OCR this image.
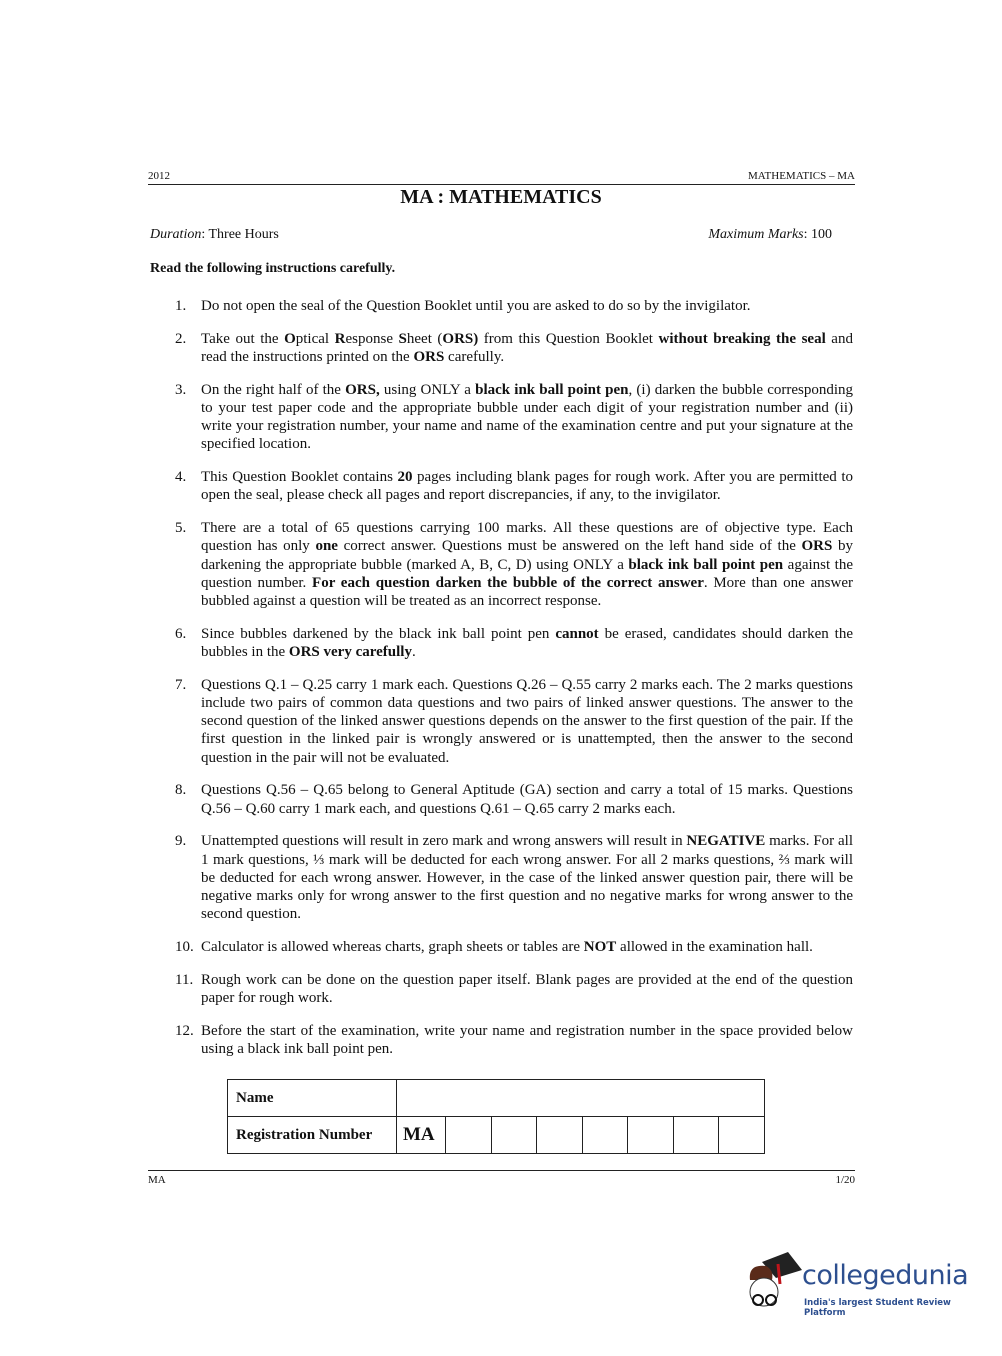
2012	MATHEMATICS – MA
MA : MATHEMATICS
Duration: Three Hours	Maximum Marks: 100
Read the following instructions carefully.
1. Do not open the seal of the Question Booklet until you are asked to do so by the invigilator.
2. Take out the Optical Response Sheet (ORS) from this Question Booklet without breaking the seal and read the instructions printed on the ORS carefully.
3. On the right half of the ORS, using ONLY a black ink ball point pen, (i) darken the bubble corresponding to your test paper code and the appropriate bubble under each digit of your registration number and (ii) write your registration number, your name and name of the examination centre and put your signature at the specified location.
4. This Question Booklet contains 20 pages including blank pages for rough work. After you are permitted to open the seal, please check all pages and report discrepancies, if any, to the invigilator.
5. There are a total of 65 questions carrying 100 marks. All these questions are of objective type. Each question has only one correct answer. Questions must be answered on the left hand side of the ORS by darkening the appropriate bubble (marked A, B, C, D) using ONLY a black ink ball point pen against the question number. For each question darken the bubble of the correct answer. More than one answer bubbled against a question will be treated as an incorrect response.
6. Since bubbles darkened by the black ink ball point pen cannot be erased, candidates should darken the bubbles in the ORS very carefully.
7. Questions Q.1 – Q.25 carry 1 mark each. Questions Q.26 – Q.55 carry 2 marks each. The 2 marks questions include two pairs of common data questions and two pairs of linked answer questions. The answer to the second question of the linked answer questions depends on the answer to the first question of the pair. If the first question in the linked pair is wrongly answered or is unattempted, then the answer to the second question in the pair will not be evaluated.
8. Questions Q.56 – Q.65 belong to General Aptitude (GA) section and carry a total of 15 marks. Questions Q.56 – Q.60 carry 1 mark each, and questions Q.61 – Q.65 carry 2 marks each.
9. Unattempted questions will result in zero mark and wrong answers will result in NEGATIVE marks. For all 1 mark questions, ⅓ mark will be deducted for each wrong answer. For all 2 marks questions, ⅔ mark will be deducted for each wrong answer. However, in the case of the linked answer question pair, there will be negative marks only for wrong answer to the first question and no negative marks for wrong answer to the second question.
10. Calculator is allowed whereas charts, graph sheets or tables are NOT allowed in the examination hall.
11. Rough work can be done on the question paper itself. Blank pages are provided at the end of the question paper for rough work.
12. Before the start of the examination, write your name and registration number in the space provided below using a black ink ball point pen.
Name								
Registration Number	MA							
MA	1/20
collegedunia
India's largest Student Review Platform
